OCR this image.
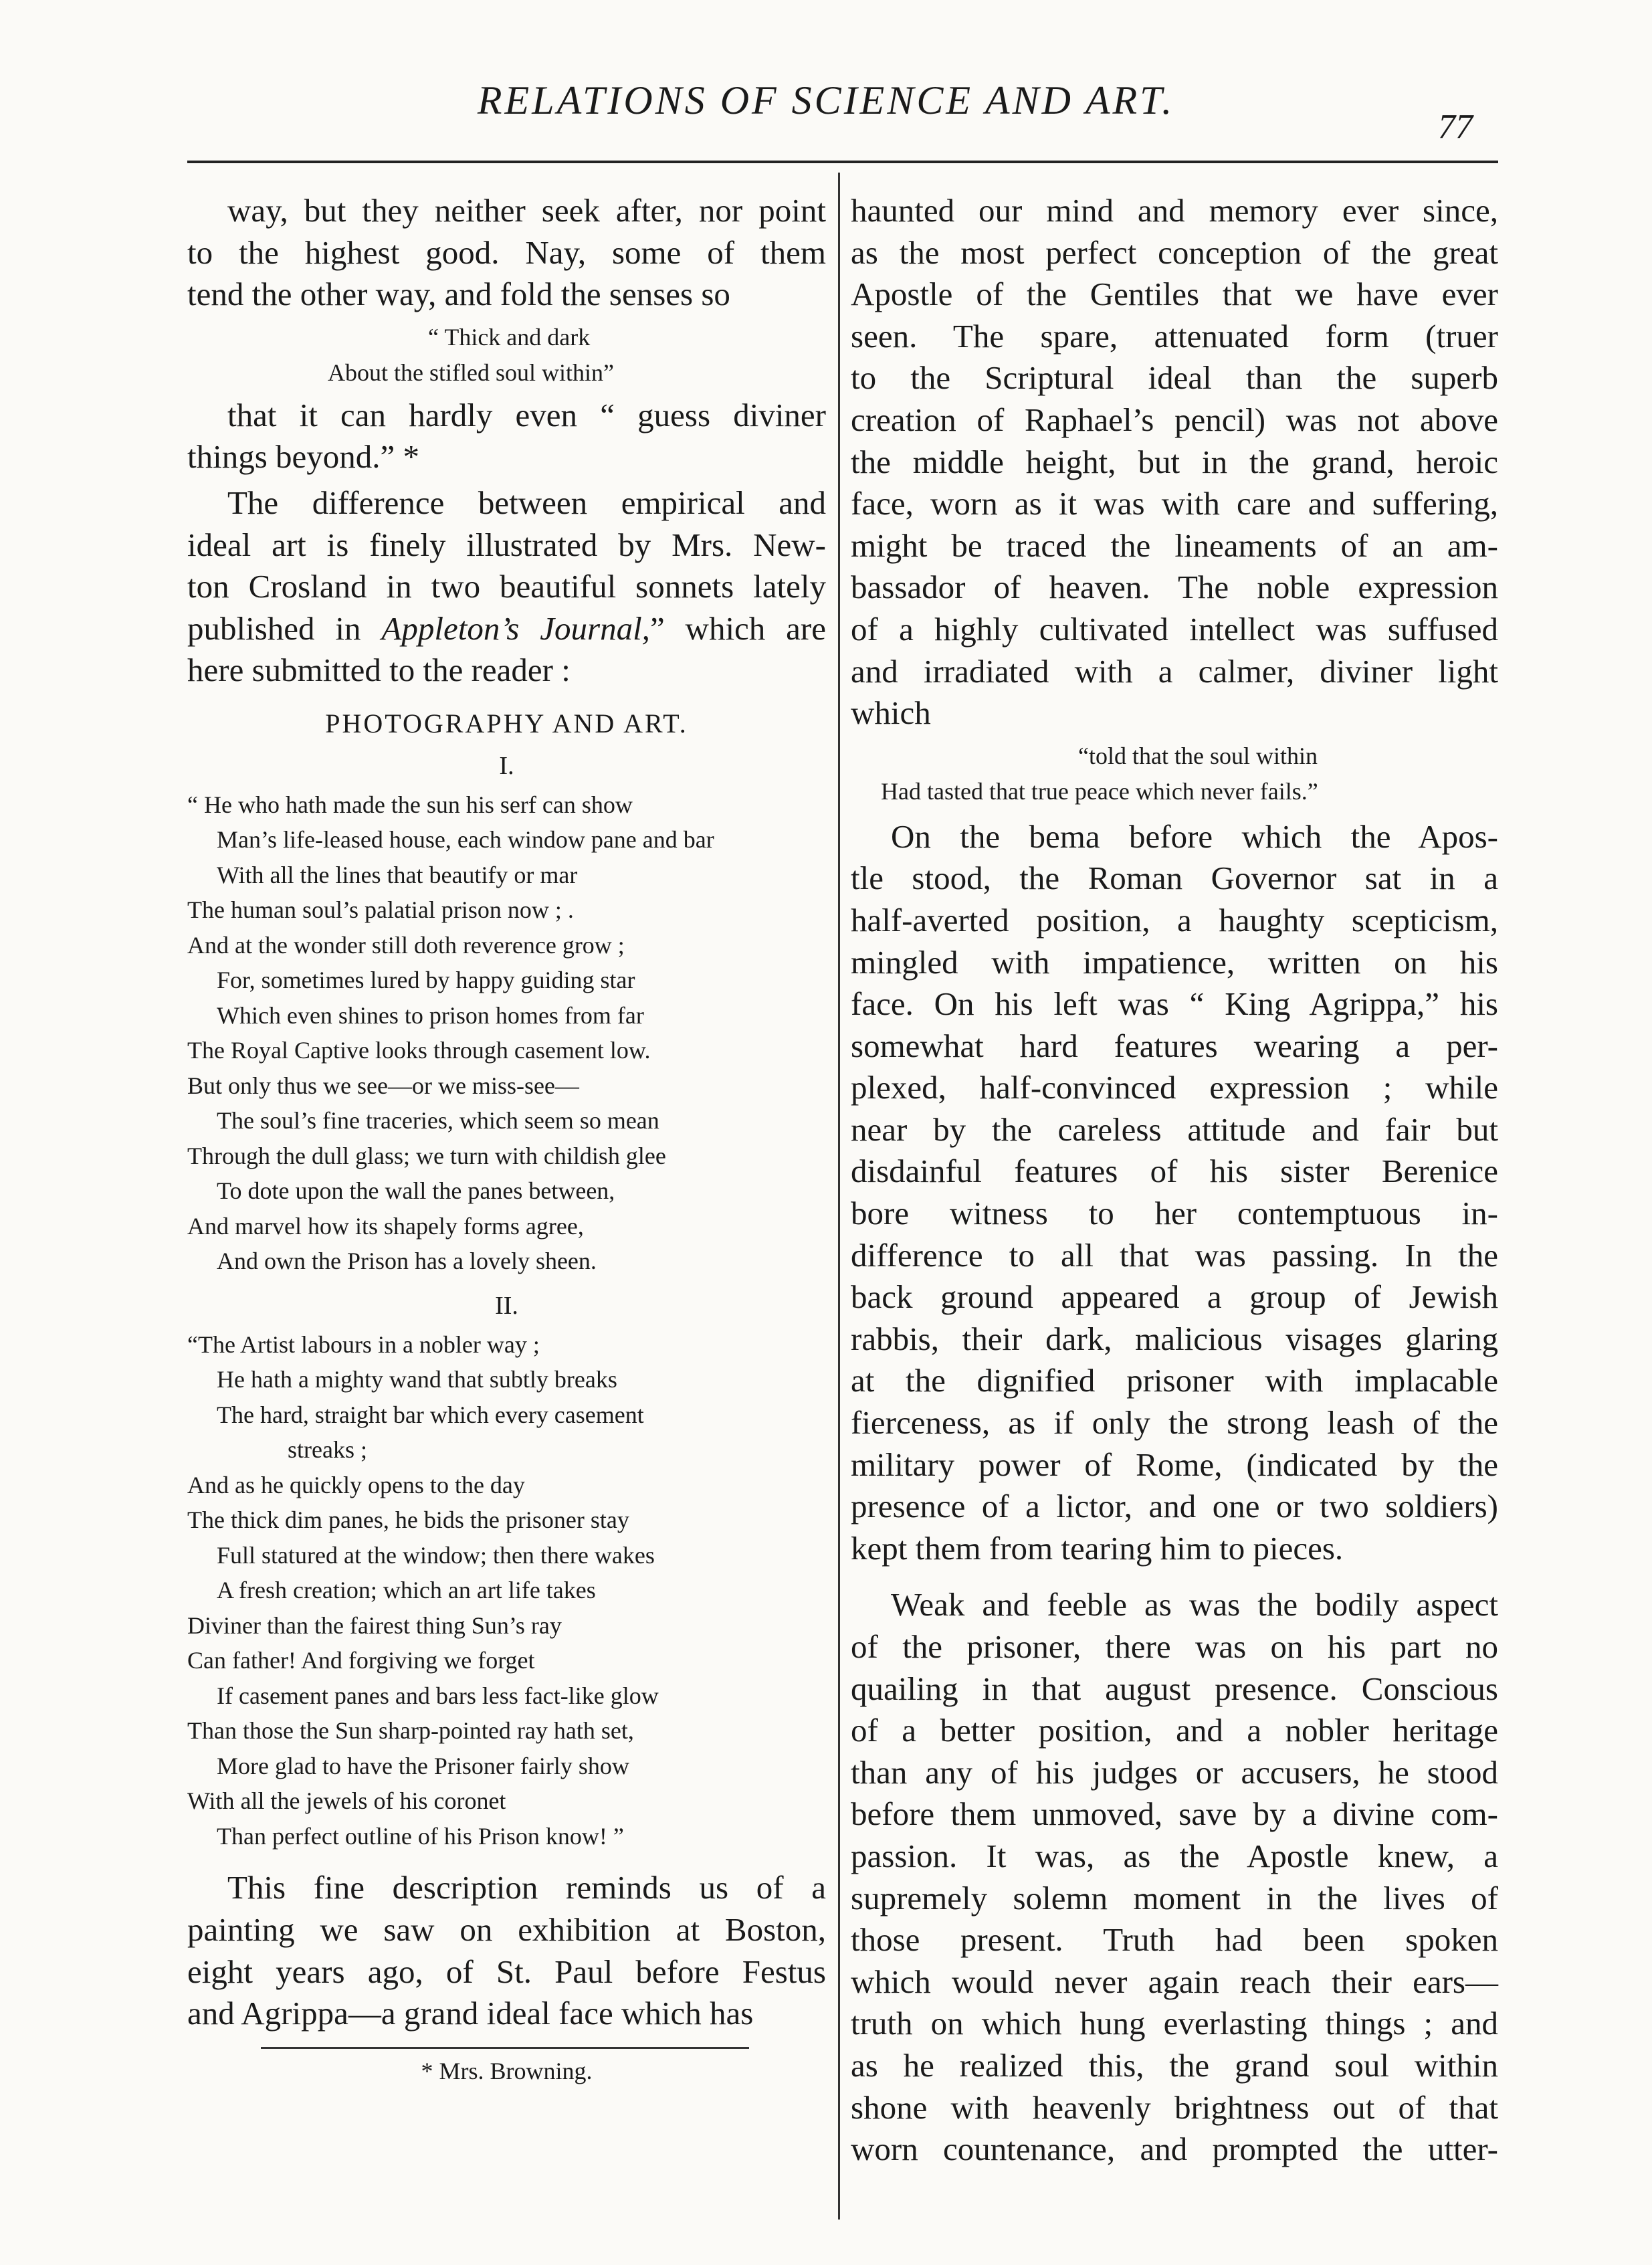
RELATIONS OF SCIENCE AND ART.
77

way, but they neither seek after, nor point

to the highest good. Nay, some of them

tend the other way, and fold the senses so

“ Thick and dark
About the stifled soul within”

that it can hardly even “ guess diviner

things beyond.” *

The difference between empirical and

ideal art is finely illustrated by Mrs. New-

ton Crosland in two beautiful sonnets lately

published in Appleton’s Journal,” which are

here submitted to the reader :

PHOTOGRAPHY AND ART.
I.
“ He who hath made the sun his serf can show
Man’s life-leased house, each window pane and bar
With all the lines that beautify or mar
The human soul’s palatial prison now ; .
And at the wonder still doth reverence grow ;
For, sometimes lured by happy guiding star
Which even shines to prison homes from far
The Royal Captive looks through casement low.
But only thus we see—or we miss-see—
The soul’s fine traceries, which seem so mean
Through the dull glass; we turn with childish glee
To dote upon the wall the panes between,
And marvel how its shapely forms agree,
And own the Prison has a lovely sheen.
II.
“The Artist labours in a nobler way ;
He hath a mighty wand that subtly breaks
The hard, straight bar which every casement
streaks ;
And as he quickly opens to the day
The thick dim panes, he bids the prisoner stay
Full statured at the window; then there wakes
A fresh creation; which an art life takes
Diviner than the fairest thing Sun’s ray
Can father! And forgiving we forget
If casement panes and bars less fact-like glow
Than those the Sun sharp-pointed ray hath set,
More glad to have the Prisoner fairly show
With all the jewels of his coronet
Than perfect outline of his Prison know! ”

This fine description reminds us of a

painting we saw on exhibition at Boston,

eight years ago, of St. Paul before Festus

and Agrippa—a grand ideal face which has

* Mrs. Browning.

haunted our mind and memory ever since,

as the most perfect conception of the great

Apostle of the Gentiles that we have ever

seen. The spare, attenuated form (truer

to the Scriptural ideal than the superb

creation of Raphael’s pencil) was not above

the middle height, but in the grand, heroic

face, worn as it was with care and suffering,

might be traced the lineaments of an am-

bassador of heaven. The noble expression

of a highly cultivated intellect was suffused

and irradiated with a calmer, diviner light

which

“told that the soul within
Had tasted that true peace which never fails.”

On the bema before which the Apos-

tle stood, the Roman Governor sat in a

half-averted position, a haughty scepticism,

mingled with impatience, written on his

face. On his left was “ King Agrippa,” his

somewhat hard features wearing a per-

plexed, half-convinced expression ; while

near by the careless attitude and fair but

disdainful features of his sister Berenice

bore witness to her contemptuous in-

difference to all that was passing. In the

back ground appeared a group of Jewish

rabbis, their dark, malicious visages glaring

at the dignified prisoner with implacable

fierceness, as if only the strong leash of the

military power of Rome, (indicated by the

presence of a lictor, and one or two soldiers)

kept them from tearing him to pieces.

Weak and feeble as was the bodily aspect

of the prisoner, there was on his part no

quailing in that august presence. Conscious

of a better position, and a nobler heritage

than any of his judges or accusers, he stood

before them unmoved, save by a divine com-

passion. It was, as the Apostle knew, a

supremely solemn moment in the lives of

those present. Truth had been spoken

which would never again reach their ears—

truth on which hung everlasting things ; and

as he realized this, the grand soul within

shone with heavenly brightness out of that

worn countenance, and prompted the utter-
